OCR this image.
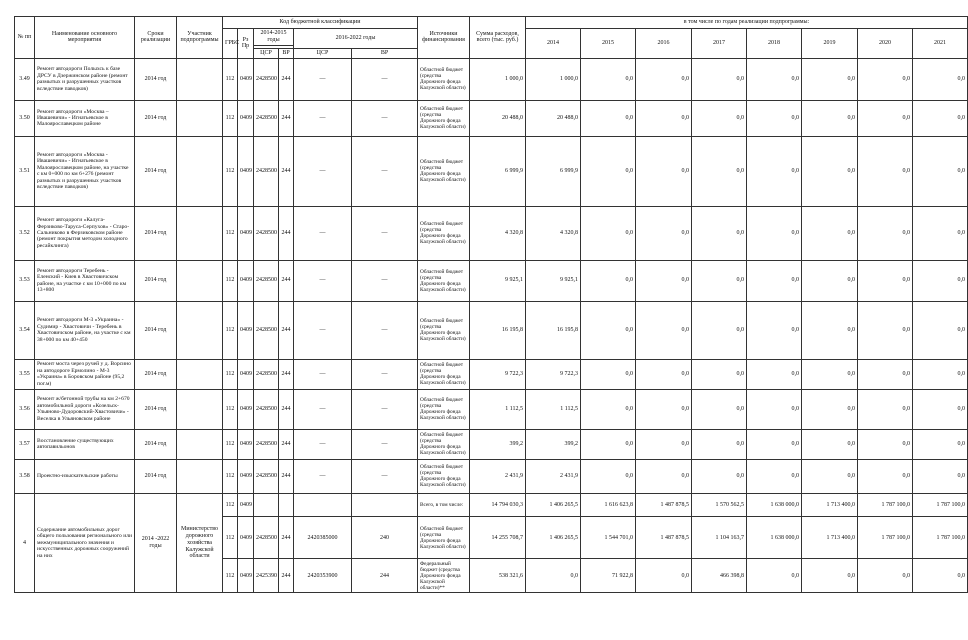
№ пп	Наименование основного мероприятия	Сроки реализации	Участник подпрограммы	Код бюджетной классификации						Источники финансирования	Сумма расходов, всего (тыс. руб.)	в том числе по годам реализации подпрограммы:								
				ГРБС	Рз Пр	2014-2015 годы		2016-2022 годы				2014	2015	2016	2017	2018	2019	2020	2021	

						ЦСР	ВР	ЦСР	ВР											
3.49	Ремонт автодороги Полыхсь к базе ДРСУ в Дзержинском районе (ремонт размытых и разрушенных участков вследствие паводков)	2014 год		112	0409	2428500	244	—	—	Областной бюджет (средства Дорожного фонда Калужской области)	1 000,0	1 000,0	0,0	0,0	0,0	0,0	0,0	0,0	0,0	
3.50	Ремонт автодороги «Москва – Ивашевичи» - Игнатьевское в Малоярославецком районе	2014 год		112	0409	2428500	244	—	—	Областной бюджет (средства Дорожного фонда Калужской области)	20 488,0	20 488,0	0,0	0,0	0,0	0,0	0,0	0,0	0,0	
3.51	Ремонт автодороги «Москва - Ивашевичи» - Игнатьевское в Малоярославецком районе, на участке с км 0+000 по км 6+276 (ремонт размытых и разрушенных участков вследствие паводков)	2014 год		112	0409	2428500	244	—	—	Областной бюджет (средства Дорожного фонда Калужской области)	6 999,9	6 999,9	0,0	0,0	0,0	0,0	0,0	0,0	0,0	
3.52	Ремонт автодороги «Калуга-Ферзиково-Таруса-Серпухов» - Старо-Сальниково в Ферзиковском районе (ремонт покрытия методом холодного ресайклинга)	2014 год		112	0409	2428500	244	—	—	Областной бюджет (средства Дорожного фонда Калужской области)	4 320,8	4 320,8	0,0	0,0	0,0	0,0	0,0	0,0	0,0	
3.53	Ремонт автодороги Теребень - Еленский - Киев в Хвастовичском районе, на участке с км 10+000 по км 13+800	2014 год		112	0409	2428500	244	—	—	Областной бюджет (средства Дорожного фонда Калужской области)	9 925,1	9 925,1	0,0	0,0	0,0	0,0	0,0	0,0	0,0	
3.54	Ремонт автодороги М-3 «Украина» - Судимир - Хвастовичи - Теребень в Хвастовичском районе, на участке с км 38+000 по км 40+450	2014 год		112	0409	2428500	244	—	—	Областной бюджет (средства Дорожного фонда Калужской области)	16 195,8	16 195,8	0,0	0,0	0,0	0,0	0,0	0,0	0,0	
3.55	Ремонт моста через ручей у д. Ворсино на автодороге Ермолино - М-3 «Украина» в Боровском районе (95,2 пог.м)	2014 год		112	0409	2428500	244	—	—	Областной бюджет (средства Дорожного фонда Калужской области)	9 722,3	9 722,3	0,0	0,0	0,0	0,0	0,0	0,0	0,0	
3.56	Ремонт ж/бетонной трубы на км 2+670 автомобильной дороги «Козельск-Ульяново-Дудоровский-Хвастовичи» - Веселка в Ульяновском районе	2014 год		112	0409	2428500	244	—	—	Областной бюджет (средства Дорожного фонда Калужской области)	1 112,5	1 112,5	0,0	0,0	0,0	0,0	0,0	0,0	0,0	
3.57	Восстановление существующих автопавильонов	2014 год		112	0409	2428500	244	—	—	Областной бюджет (средства Дорожного фонда Калужской области)	399,2	399,2	0,0	0,0	0,0	0,0	0,0	0,0	0,0	
3.58	Проектно-изыскательские работы	2014 год		112	0409	2428500	244	—	—	Областной бюджет (средства Дорожного фонда Калужской области)	2 431,9	2 431,9	0,0	0,0	0,0	0,0	0,0	0,0	0,0	
4	Содержание автомобильных дорог общего пользования регионального или межмуниципального значения и искусственных дорожных сооружений на них	2014 -2022 годы	Министерство дорожного хозяйства Калужской области	112	0409					Всего, в том числе:	14 794 030,3	1 406 265,5	1 616 623,8	1 487 878,5	1 570 562,5	1 638 000,0	1 713 400,0	1 787 100,0	1 787 100,0	
				112	0409	2428500	244	2420385000	240	Областной бюджет (средства Дорожного фонда Калужской области)	14 255 708,7	1 406 265,5	1 544 701,0	1 487 878,5	1 104 163,7	1 638 000,0	1 713 400,0	1 787 100,0	1 787 100,0	
				112	0409	2425390	244	2420353900	244	Федеральный бюджет (средства Дорожного фонда Калужской области)**	538 321,6	0,0	71 922,8	0,0	466 398,8	0,0	0,0	0,0	0,0	
